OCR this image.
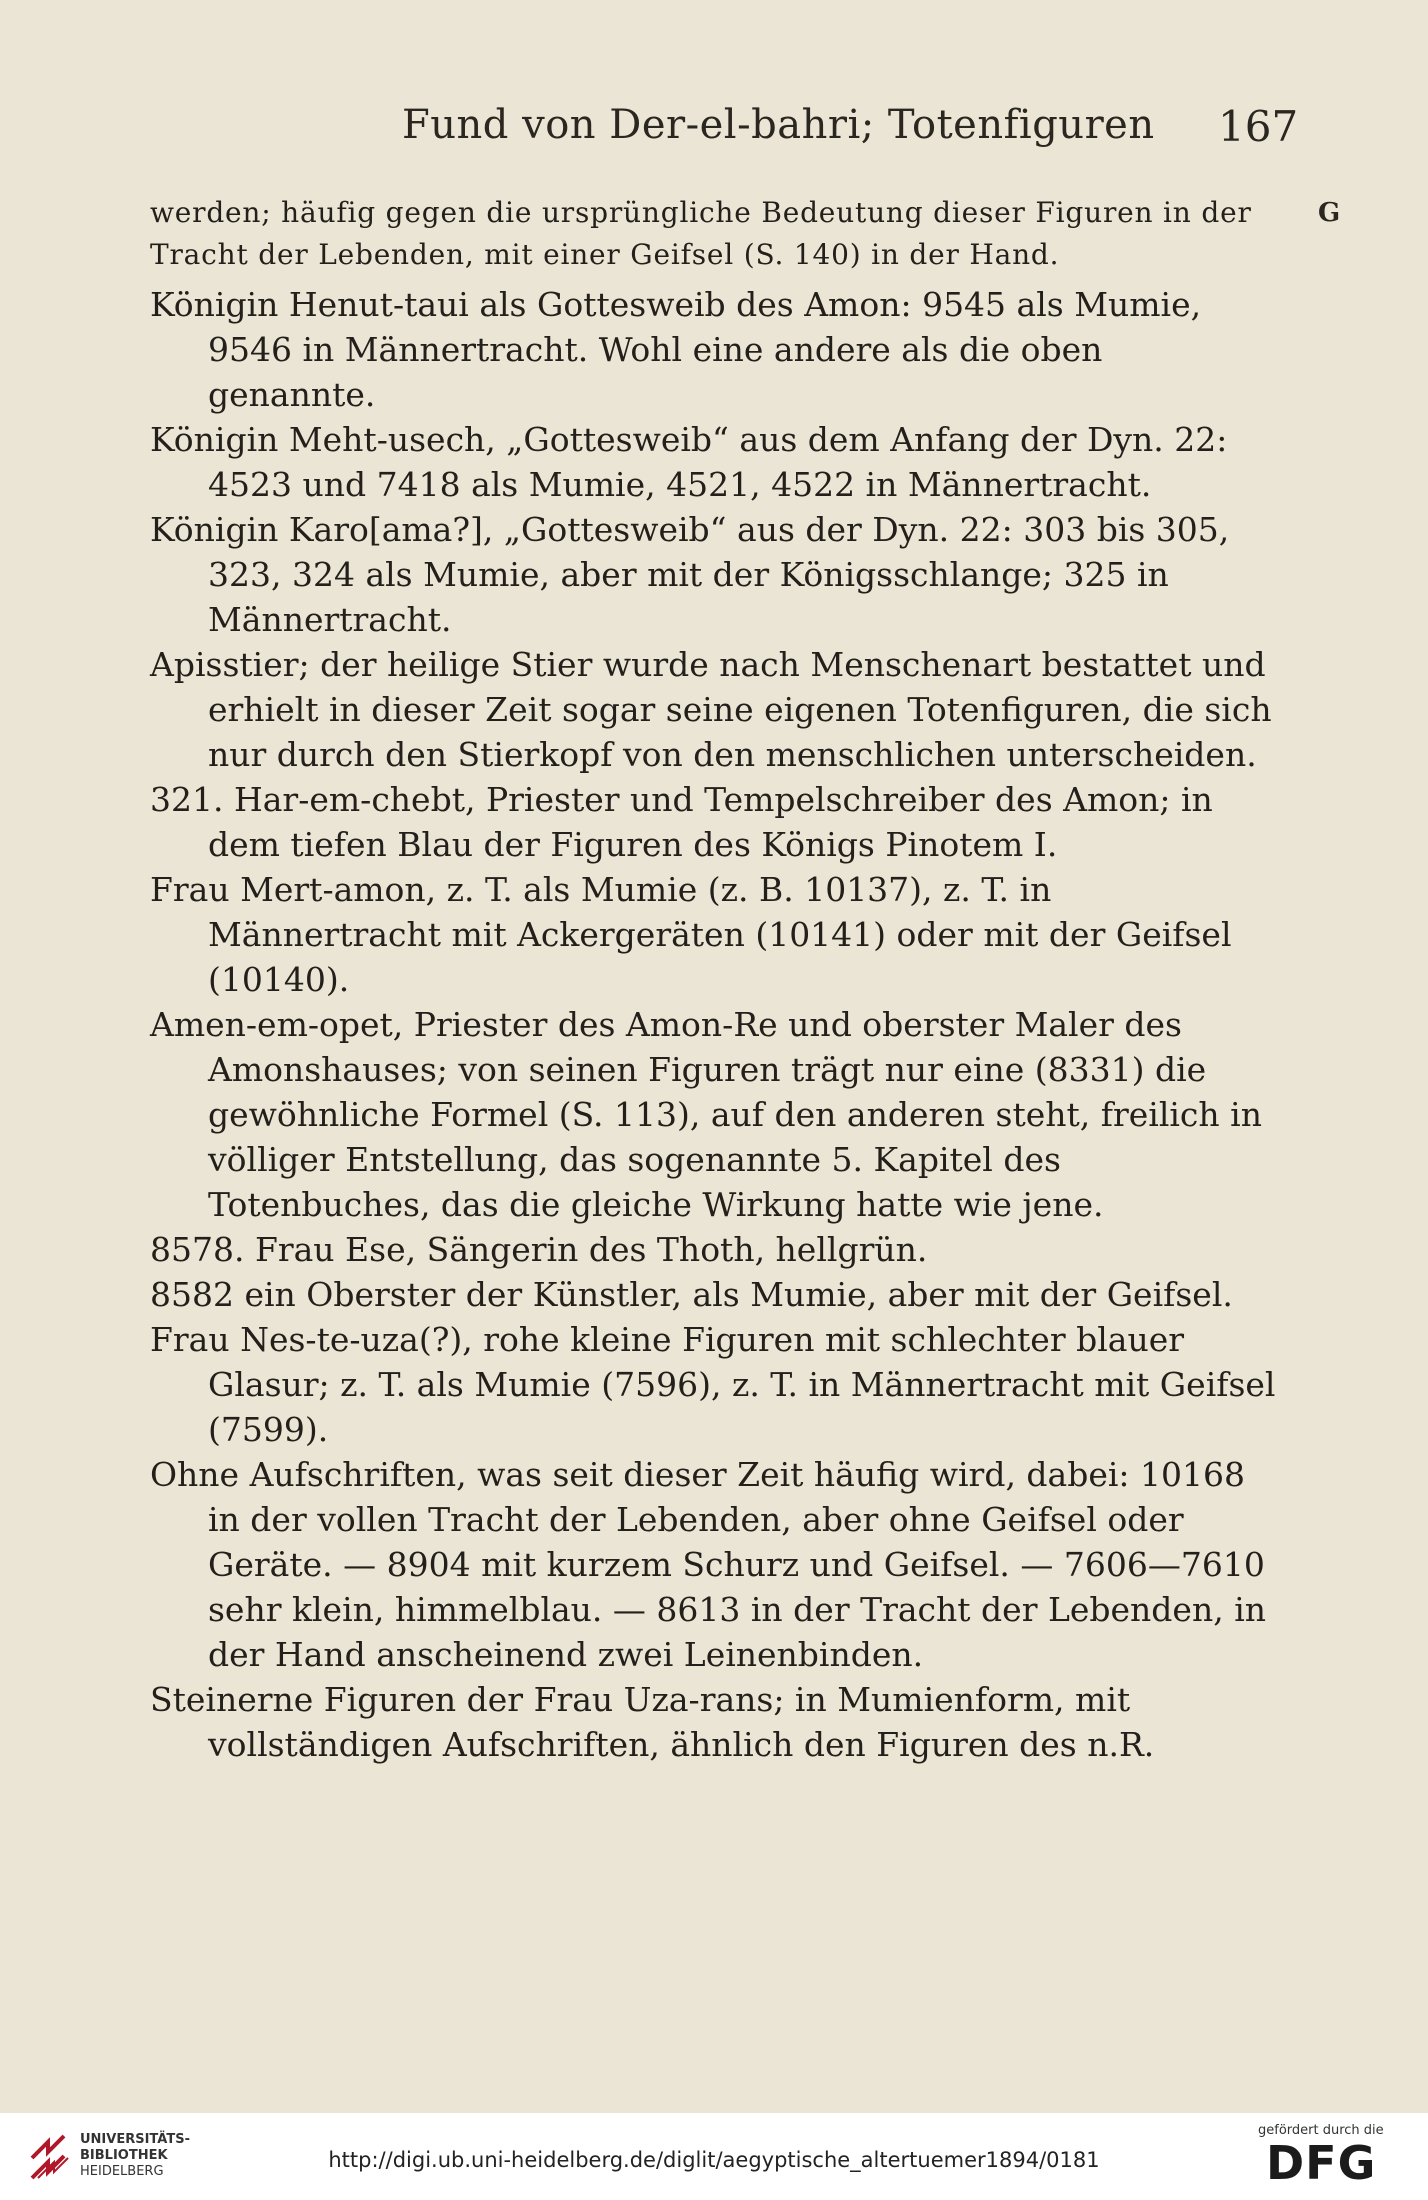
Fund von Der-el-bahri; Totenfiguren 167
G

werden; häufig gegen die ursprüngliche Bedeutung dieser Figuren in der Tracht der Lebenden, mit einer Geifsel (S. 140) in der Hand.

Königin Henut-taui als Gottesweib des Amon: 9545 als Mumie, 9546 in Männertracht. Wohl eine andere als die oben genannte.

Königin Meht-usech, „Gottesweib“ aus dem Anfang der Dyn. 22: 4523 und 7418 als Mumie, 4521, 4522 in Männertracht.

Königin Karo[ama?], „Gottesweib“ aus der Dyn. 22: 303 bis 305, 323, 324 als Mumie, aber mit der Königsschlange; 325 in Männertracht.

Apisstier; der heilige Stier wurde nach Menschenart bestattet und erhielt in dieser Zeit sogar seine eigenen Totenfiguren, die sich nur durch den Stierkopf von den menschlichen unterscheiden.

321. Har-em-chebt, Priester und Tempelschreiber des Amon; in dem tiefen Blau der Figuren des Königs Pinotem I.

Frau Mert-amon, z. T. als Mumie (z. B. 10137), z. T. in Männertracht mit Ackergeräten (10141) oder mit der Geifsel (10140).

Amen-em-opet, Priester des Amon-Re und oberster Maler des Amonshauses; von seinen Figuren trägt nur eine (8331) die gewöhnliche Formel (S. 113), auf den anderen steht, freilich in völliger Entstellung, das sogenannte 5. Kapitel des Totenbuches, das die gleiche Wirkung hatte wie jene.

8578. Frau Ese, Sängerin des Thoth, hellgrün.

8582 ein Oberster der Künstler, als Mumie, aber mit der Geifsel.

Frau Nes-te-uza(?), rohe kleine Figuren mit schlechter blauer Glasur; z. T. als Mumie (7596), z. T. in Männertracht mit Geifsel (7599).

Ohne Aufschriften, was seit dieser Zeit häufig wird, dabei: 10168 in der vollen Tracht der Lebenden, aber ohne Geifsel oder Geräte. — 8904 mit kurzem Schurz und Geifsel. — 7606—7610 sehr klein, himmelblau. — 8613 in der Tracht der Lebenden, in der Hand anscheinend zwei Leinenbinden.

Steinerne Figuren der Frau Uza-rans; in Mumienform, mit vollständigen Aufschriften, ähnlich den Figuren des n.R.

UNIVERSITÄTS-
BIBLIOTHEK
HEIDELBERG	http://digi.ub.uni-heidelberg.de/diglit/aegyptische_altertuemer1894/0181
gefördert durch die
DFG
